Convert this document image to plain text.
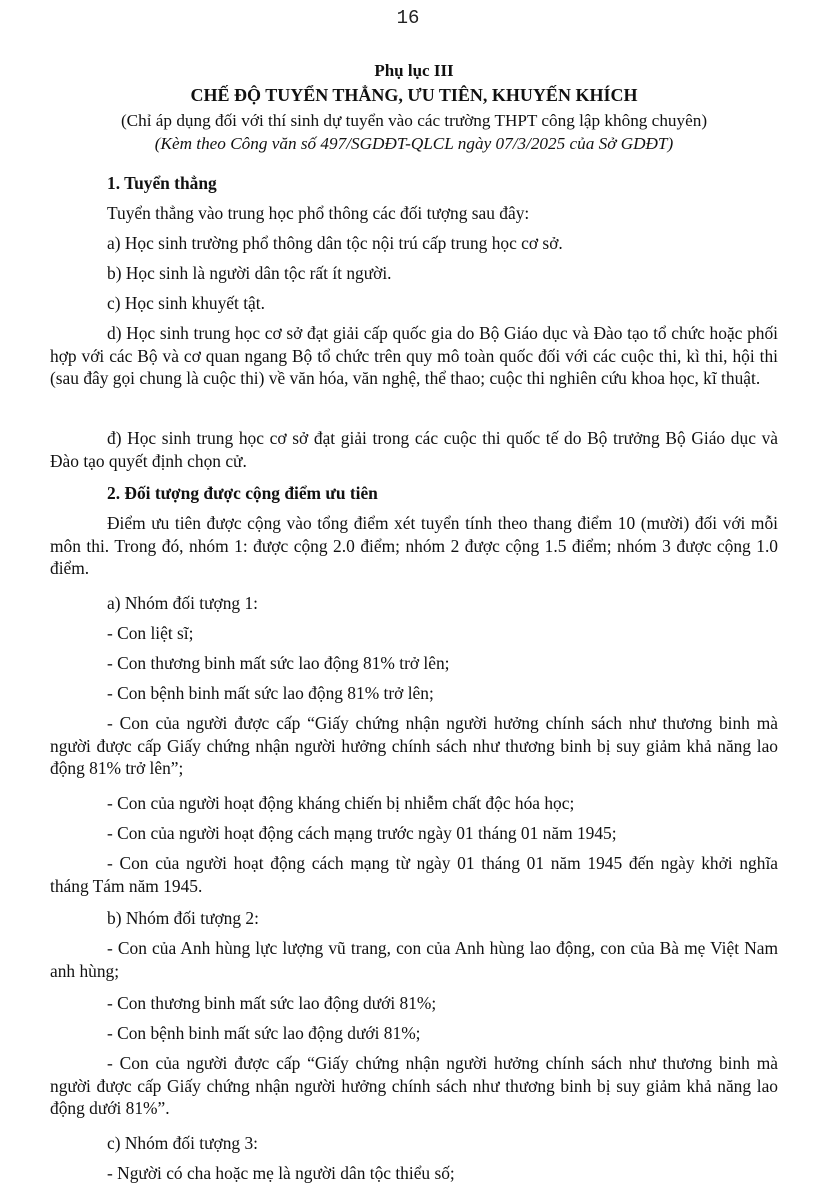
16
Phụ lục III
CHẾ ĐỘ TUYỂN THẲNG, ƯU TIÊN, KHUYẾN KHÍCH
(Chỉ áp dụng đối với thí sinh dự tuyển vào các trường THPT công lập không chuyên)
(Kèm theo Công văn số 497/SGDĐT-QLCL ngày 07/3/2025 của Sở GDĐT)
1. Tuyển thẳng
Tuyển thẳng vào trung học phổ thông các đối tượng sau đây:
a) Học sinh trường phổ thông dân tộc nội trú cấp trung học cơ sở.
b) Học sinh là người dân tộc rất ít người.
c) Học sinh khuyết tật.
d) Học sinh trung học cơ sở đạt giải cấp quốc gia do Bộ Giáo dục và Đào tạo tổ chức hoặc phối hợp với các Bộ và cơ quan ngang Bộ tổ chức trên quy mô toàn quốc đối với các cuộc thi, kì thi, hội thi (sau đây gọi chung là cuộc thi) về văn hóa, văn nghệ, thể thao; cuộc thi nghiên cứu khoa học, kĩ thuật.
đ) Học sinh trung học cơ sở đạt giải trong các cuộc thi quốc tế do Bộ trưởng Bộ Giáo dục và Đào tạo quyết định chọn cử.
2. Đối tượng được cộng điểm ưu tiên
Điểm ưu tiên được cộng vào tổng điểm xét tuyển tính theo thang điểm 10 (mười) đối với mỗi môn thi. Trong đó, nhóm 1: được cộng 2.0 điểm; nhóm 2 được cộng 1.5 điểm; nhóm 3 được cộng 1.0 điểm.
a) Nhóm đối tượng 1:
- Con liệt sĩ;
- Con thương binh mất sức lao động 81% trở lên;
- Con bệnh binh mất sức lao động 81% trở lên;
- Con của người được cấp “Giấy chứng nhận người hưởng chính sách như thương binh mà người được cấp Giấy chứng nhận người hưởng chính sách như thương binh bị suy giảm khả năng lao động 81% trở lên”;
- Con của người hoạt động kháng chiến bị nhiễm chất độc hóa học;
- Con của người hoạt động cách mạng trước ngày 01 tháng 01 năm 1945;
- Con của người hoạt động cách mạng từ ngày 01 tháng 01 năm 1945 đến ngày khởi nghĩa tháng Tám năm 1945.
b) Nhóm đối tượng 2:
- Con của Anh hùng lực lượng vũ trang, con của Anh hùng lao động, con của Bà mẹ Việt Nam anh hùng;
- Con thương binh mất sức lao động dưới 81%;
- Con bệnh binh mất sức lao động dưới 81%;
- Con của người được cấp “Giấy chứng nhận người hưởng chính sách như thương binh mà người được cấp Giấy chứng nhận người hưởng chính sách như thương binh bị suy giảm khả năng lao động dưới 81%”.
c) Nhóm đối tượng 3:
- Người có cha hoặc mẹ là người dân tộc thiểu số;
